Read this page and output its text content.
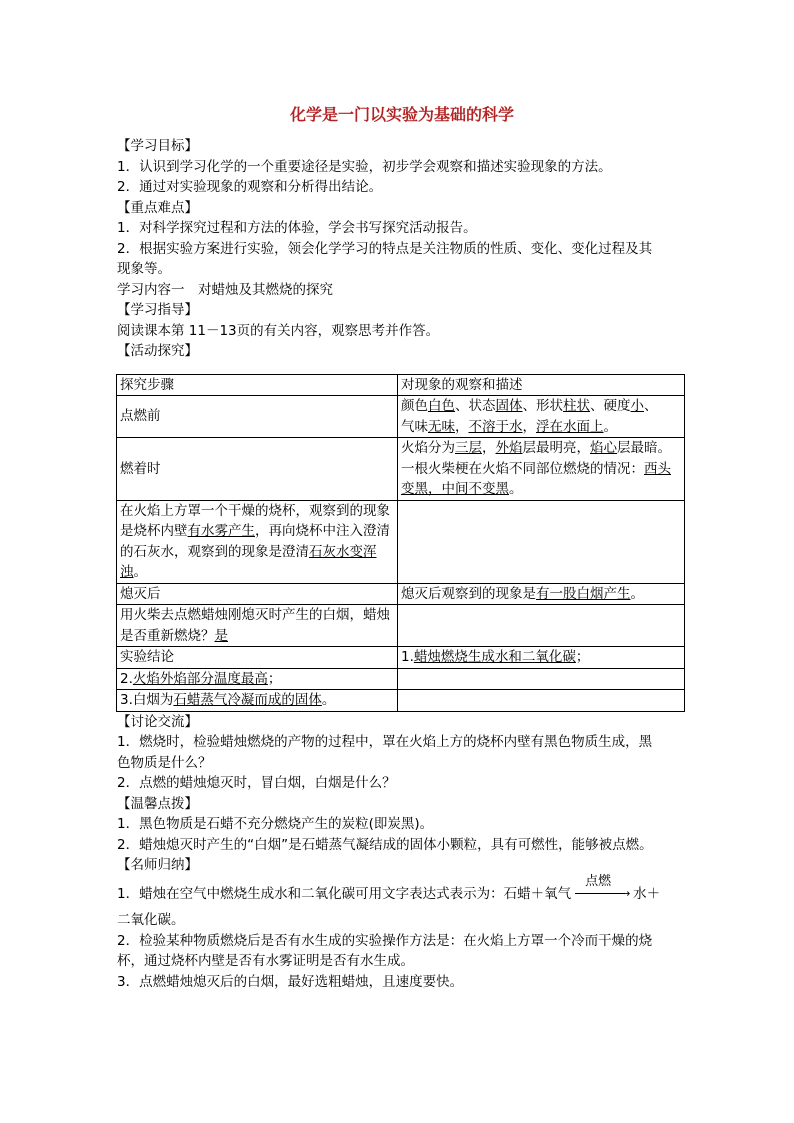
化学是一门以实验为基础的科学
【学习目标】
1．认识到学习化学的一个重要途径是实验，初步学会观察和描述实验现象的方法。
2．通过对实验现象的观察和分析得出结论。
【重点难点】
1．对科学探究过程和方法的体验，学会书写探究活动报告。
2．根据实验方案进行实验，领会化学学习的特点是关注物质的性质、变化、变化过程及其
现象等。
学习内容一　对蜡烛及其燃烧的探究
【学习指导】
阅读课本第 11－13页的有关内容，观察思考并作答。
【活动探究】
探究步骤	对现象的观察和描述
点燃前	颜色白色、状态固体、形状柱状、硬度小、
气味无味，不溶于水，浮在水面上。
燃着时	火焰分为三层，外焰层最明亮，焰心层最暗。一根火柴梗在火焰不同部位燃烧的情况：西头变黑，中间不变黑。
在火焰上方罩一个干燥的烧杯，观察到的现象是烧杯内壁有水雾产生，再向烧杯中注入澄清的石灰水，观察到的现象是澄清石灰水变浑浊。	
熄灭后	熄灭后观察到的现象是有一股白烟产生。
用火柴去点燃蜡烛刚熄灭时产生的白烟，蜡烛是否重新燃烧？是	
实验结论	1.蜡烛燃烧生成水和二氧化碳；
2.火焰外焰部分温度最高；	
3.白烟为石蜡蒸气冷凝而成的固体。	
【讨论交流】
1．燃烧时，检验蜡烛燃烧的产物的过程中，罩在火焰上方的烧杯内壁有黑色物质生成，黑
色物质是什么？
2．点燃的蜡烛熄灭时，冒白烟，白烟是什么？
【温馨点拨】
1．黑色物质是石蜡不充分燃烧产生的炭粒(即炭黑)。
2．蜡烛熄灭时产生的“白烟”是石蜡蒸气凝结成的固体小颗粒，具有可燃性，能够被点燃。
【名师归纳】
1．蜡烛在空气中燃烧生成水和二氧化碳可用文字表达式表示为：石蜡＋氧气
点燃
→ 水＋
二氧化碳。
2．检验某种物质燃烧后是否有水生成的实验操作方法是：在火焰上方罩一个冷而干燥的烧
杯，通过烧杯内壁是否有水雾证明是否有水生成。
3．点燃蜡烛熄灭后的白烟，最好选粗蜡烛，且速度要快。
